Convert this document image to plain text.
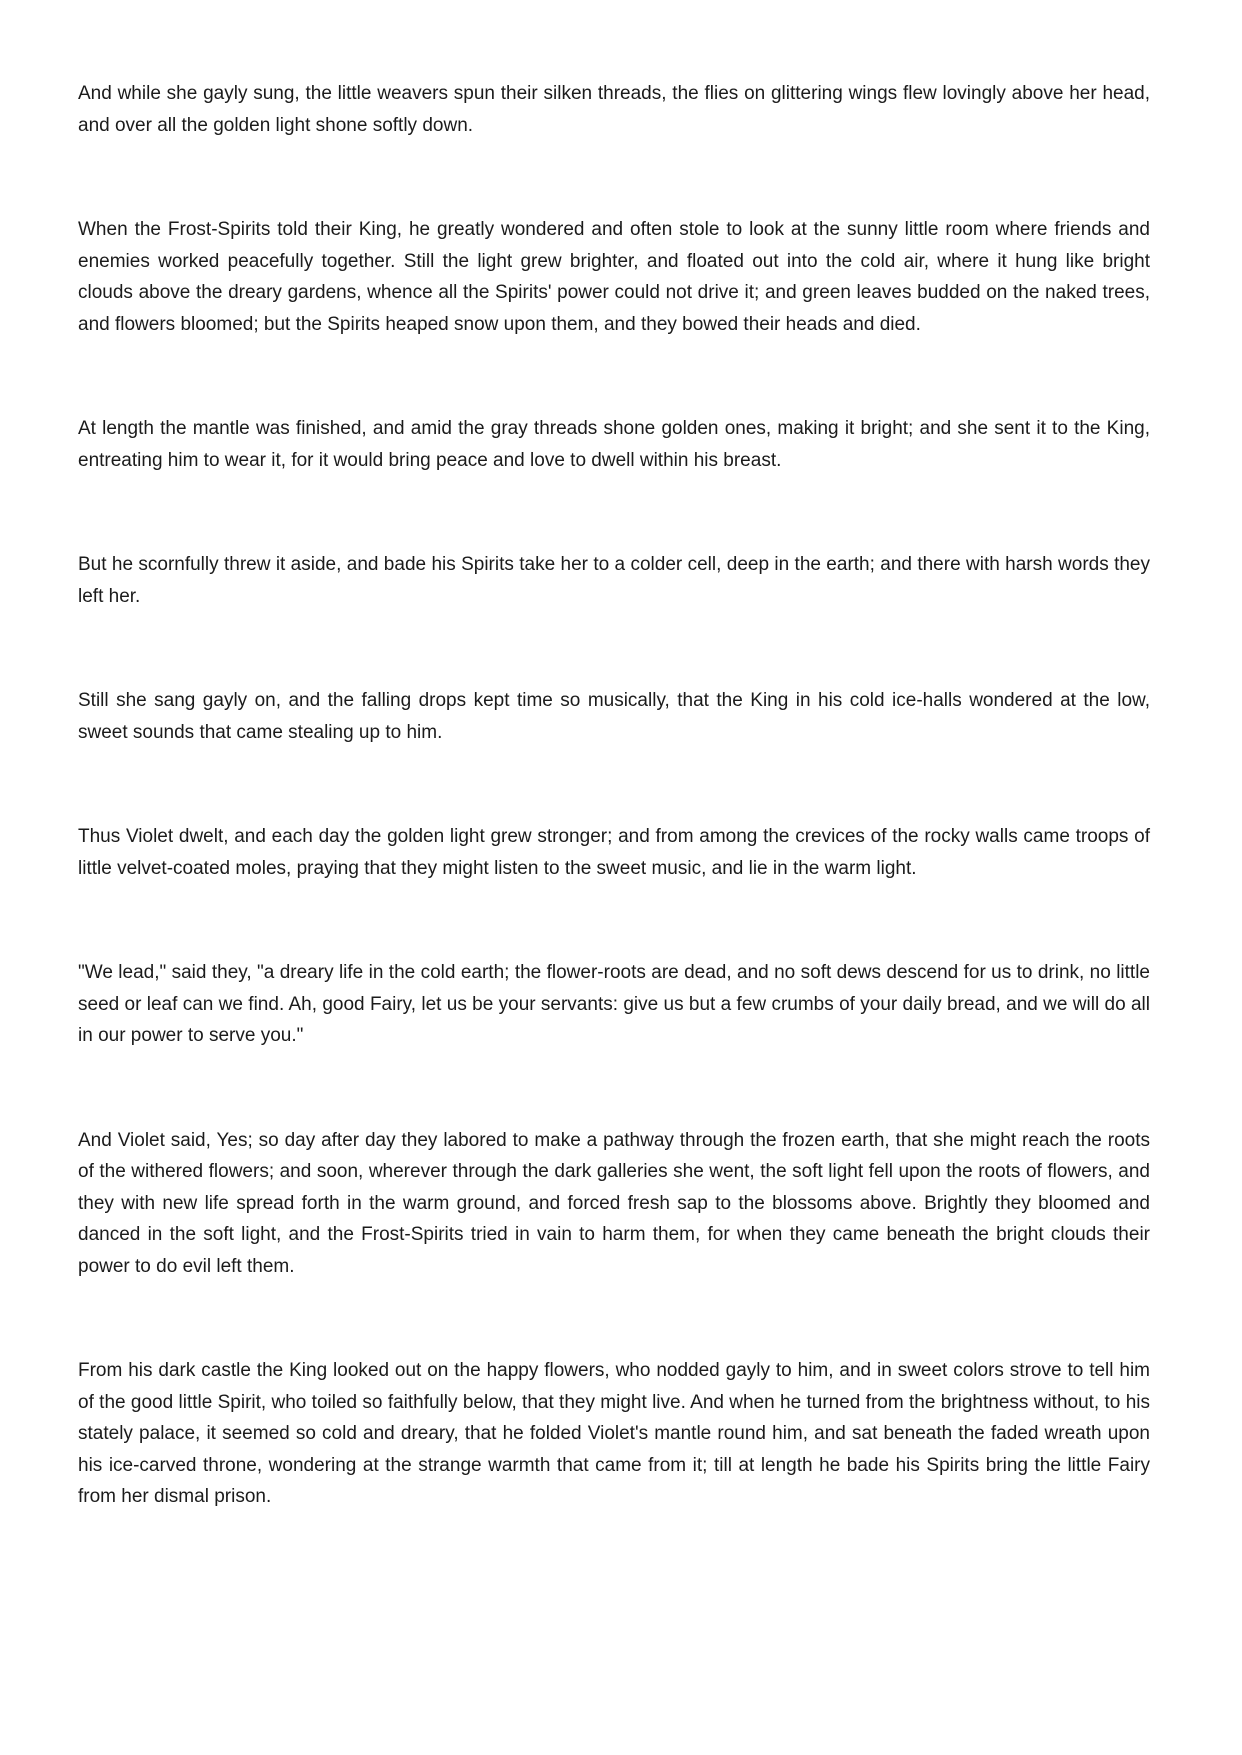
And while she gayly sung, the little weavers spun their silken threads, the flies on glittering wings flew lovingly above her head, and over all the golden light shone softly down.

When the Frost-Spirits told their King, he greatly wondered and often stole to look at the sunny little room where friends and enemies worked peacefully together. Still the light grew brighter, and floated out into the cold air, where it hung like bright clouds above the dreary gardens, whence all the Spirits' power could not drive it; and green leaves budded on the naked trees, and flowers bloomed; but the Spirits heaped snow upon them, and they bowed their heads and died.

At length the mantle was finished, and amid the gray threads shone golden ones, making it bright; and she sent it to the King, entreating him to wear it, for it would bring peace and love to dwell within his breast.

But he scornfully threw it aside, and bade his Spirits take her to a colder cell, deep in the earth; and there with harsh words they left her.

Still she sang gayly on, and the falling drops kept time so musically, that the King in his cold ice-halls wondered at the low, sweet sounds that came stealing up to him.

Thus Violet dwelt, and each day the golden light grew stronger; and from among the crevices of the rocky walls came troops of little velvet-coated moles, praying that they might listen to the sweet music, and lie in the warm light.

"We lead," said they, "a dreary life in the cold earth; the flower-roots are dead, and no soft dews descend for us to drink, no little seed or leaf can we find. Ah, good Fairy, let us be your servants: give us but a few crumbs of your daily bread, and we will do all in our power to serve you."

And Violet said, Yes; so day after day they labored to make a pathway through the frozen earth, that she might reach the roots of the withered flowers; and soon, wherever through the dark galleries she went, the soft light fell upon the roots of flowers, and they with new life spread forth in the warm ground, and forced fresh sap to the blossoms above. Brightly they bloomed and danced in the soft light, and the Frost-Spirits tried in vain to harm them, for when they came beneath the bright clouds their power to do evil left them.

From his dark castle the King looked out on the happy flowers, who nodded gayly to him, and in sweet colors strove to tell him of the good little Spirit, who toiled so faithfully below, that they might live. And when he turned from the brightness without, to his stately palace, it seemed so cold and dreary, that he folded Violet's mantle round him, and sat beneath the faded wreath upon his ice-carved throne, wondering at the strange warmth that came from it; till at length he bade his Spirits bring the little Fairy from her dismal prison.
